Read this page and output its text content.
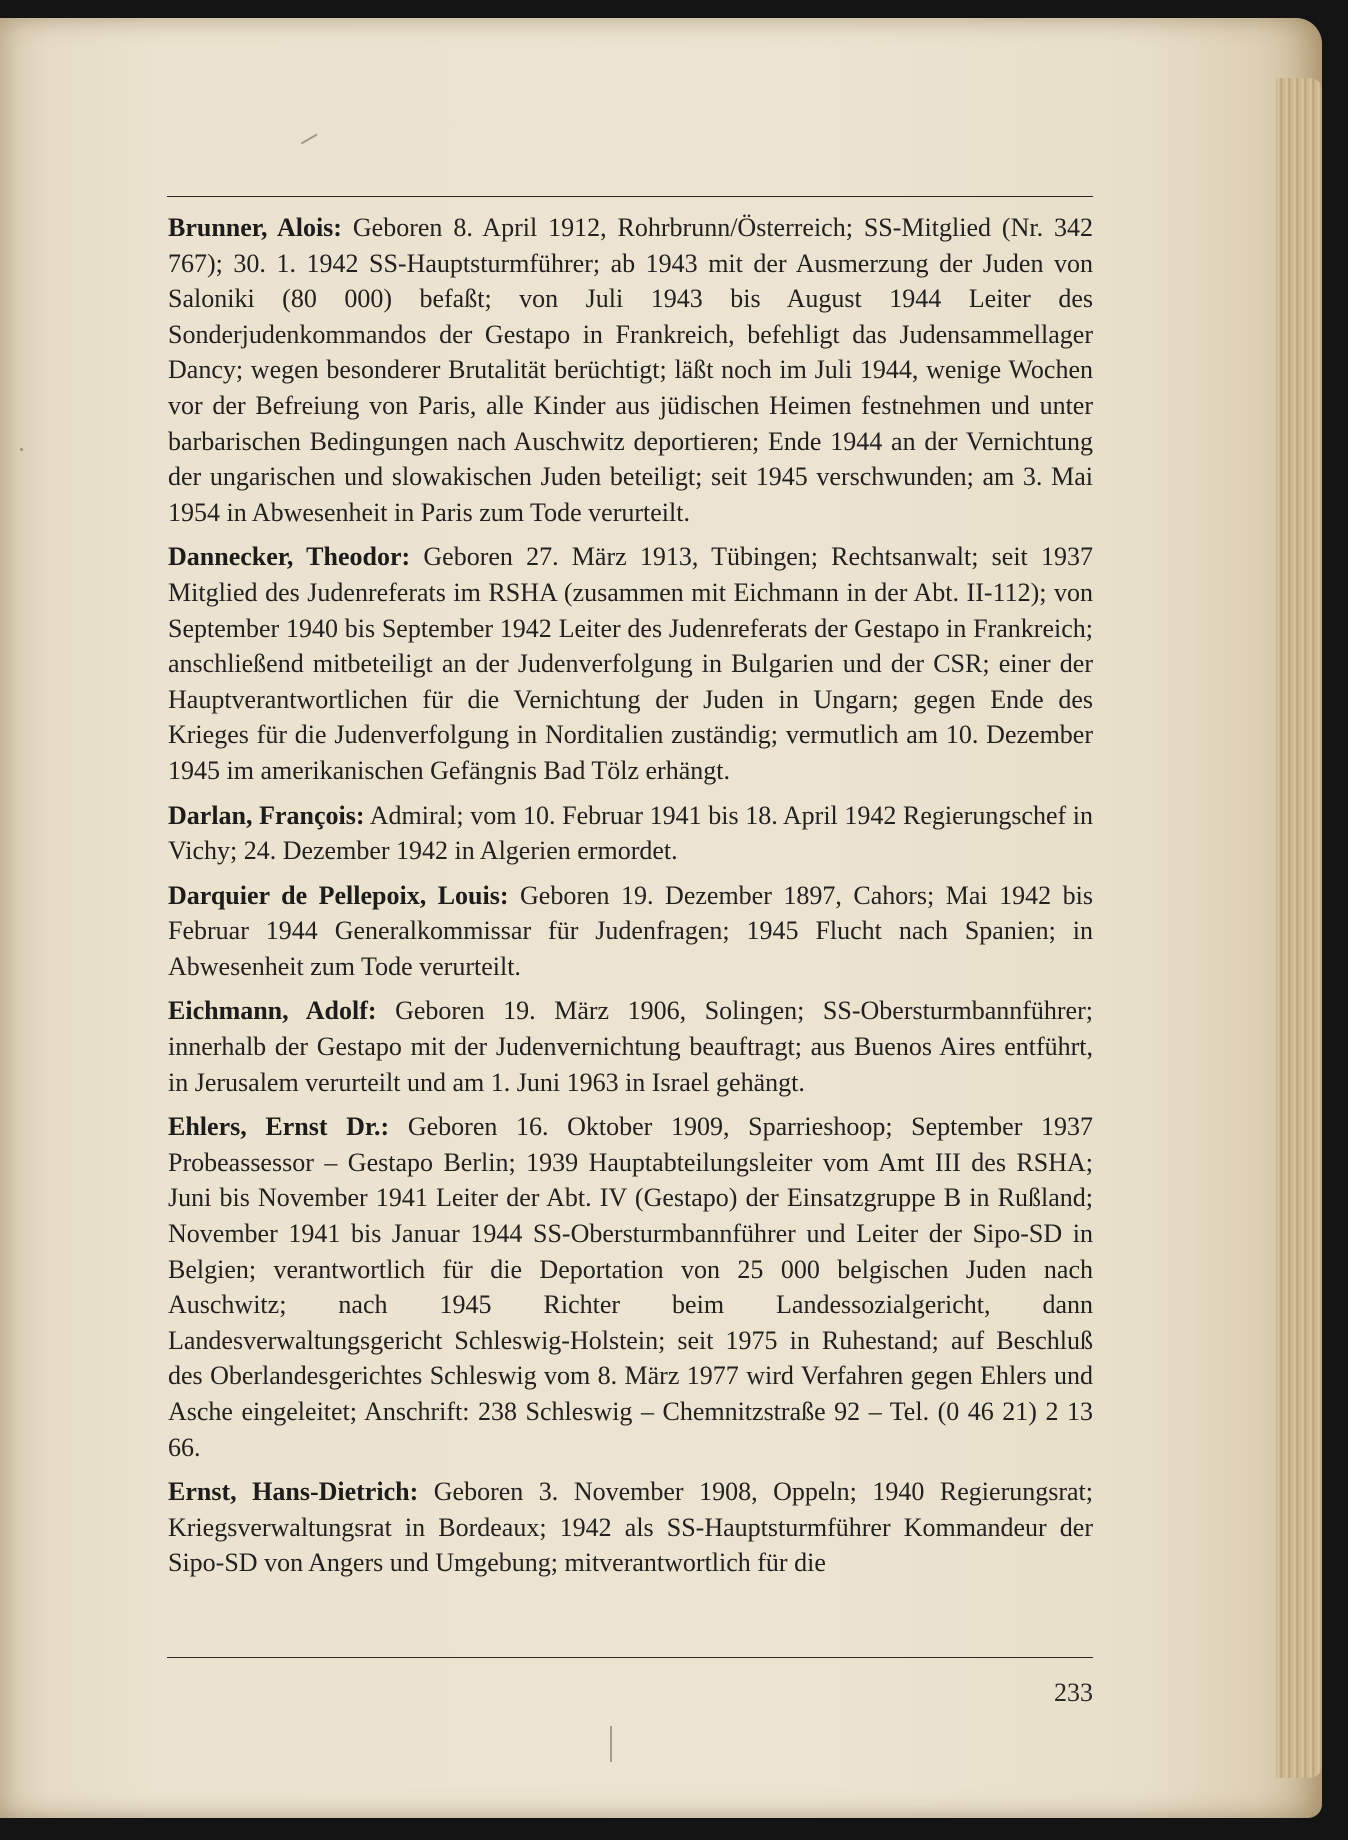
Brunner, Alois: Geboren 8. April 1912, Rohrbrunn/Österreich; SS-Mitglied (Nr. 342 767); 30. 1. 1942 SS-Hauptsturmführer; ab 1943 mit der Ausmerzung der Juden von Saloniki (80 000) befaßt; von Juli 1943 bis August 1944 Leiter des Sonderjudenkommandos der Gestapo in Frankreich, befehligt das Judensammellager Dancy; wegen besonderer Brutalität berüchtigt; läßt noch im Juli 1944, wenige Wochen vor der Befreiung von Paris, alle Kinder aus jüdischen Heimen festnehmen und unter barbarischen Bedingungen nach Auschwitz deportieren; Ende 1944 an der Vernichtung der ungarischen und slowakischen Juden beteiligt; seit 1945 verschwunden; am 3. Mai 1954 in Abwesenheit in Paris zum Tode verurteilt.

Dannecker, Theodor: Geboren 27. März 1913, Tübingen; Rechtsanwalt; seit 1937 Mitglied des Judenreferats im RSHA (zusammen mit Eichmann in der Abt. II-112); von September 1940 bis September 1942 Leiter des Judenreferats der Gestapo in Frankreich; anschließend mitbeteiligt an der Judenverfolgung in Bulgarien und der CSR; einer der Hauptverantwortlichen für die Vernichtung der Juden in Ungarn; gegen Ende des Krieges für die Judenverfolgung in Norditalien zuständig; vermutlich am 10. Dezember 1945 im amerikanischen Gefängnis Bad Tölz erhängt.

Darlan, François: Admiral; vom 10. Februar 1941 bis 18. April 1942 Regierungschef in Vichy; 24. Dezember 1942 in Algerien ermordet.

Darquier de Pellepoix, Louis: Geboren 19. Dezember 1897, Cahors; Mai 1942 bis Februar 1944 Generalkommissar für Judenfragen; 1945 Flucht nach Spanien; in Abwesenheit zum Tode verurteilt.

Eichmann, Adolf: Geboren 19. März 1906, Solingen; SS-Obersturmbannführer; innerhalb der Gestapo mit der Judenvernichtung beauftragt; aus Buenos Aires entführt, in Jerusalem verurteilt und am 1. Juni 1963 in Israel gehängt.

Ehlers, Ernst Dr.: Geboren 16. Oktober 1909, Sparrieshoop; September 1937 Probeassessor – Gestapo Berlin; 1939 Hauptabteilungsleiter vom Amt III des RSHA; Juni bis November 1941 Leiter der Abt. IV (Gestapo) der Einsatzgruppe B in Rußland; November 1941 bis Januar 1944 SS-Obersturmbannführer und Leiter der Sipo-SD in Belgien; verantwortlich für die Deportation von 25 000 belgischen Juden nach Auschwitz; nach 1945 Richter beim Landessozialgericht, dann Landesverwaltungsgericht Schleswig-Holstein; seit 1975 in Ruhestand; auf Beschluß des Oberlandesgerichtes Schleswig vom 8. März 1977 wird Verfahren gegen Ehlers und Asche eingeleitet; Anschrift: 238 Schleswig – Chemnitzstraße 92 – Tel. (0 46 21) 2 13 66.

Ernst, Hans-Dietrich: Geboren 3. November 1908, Oppeln; 1940 Regierungsrat; Kriegsverwaltungsrat in Bordeaux; 1942 als SS-Hauptsturmführer Kommandeur der Sipo-SD von Angers und Umgebung; mitverantwortlich für die

233
